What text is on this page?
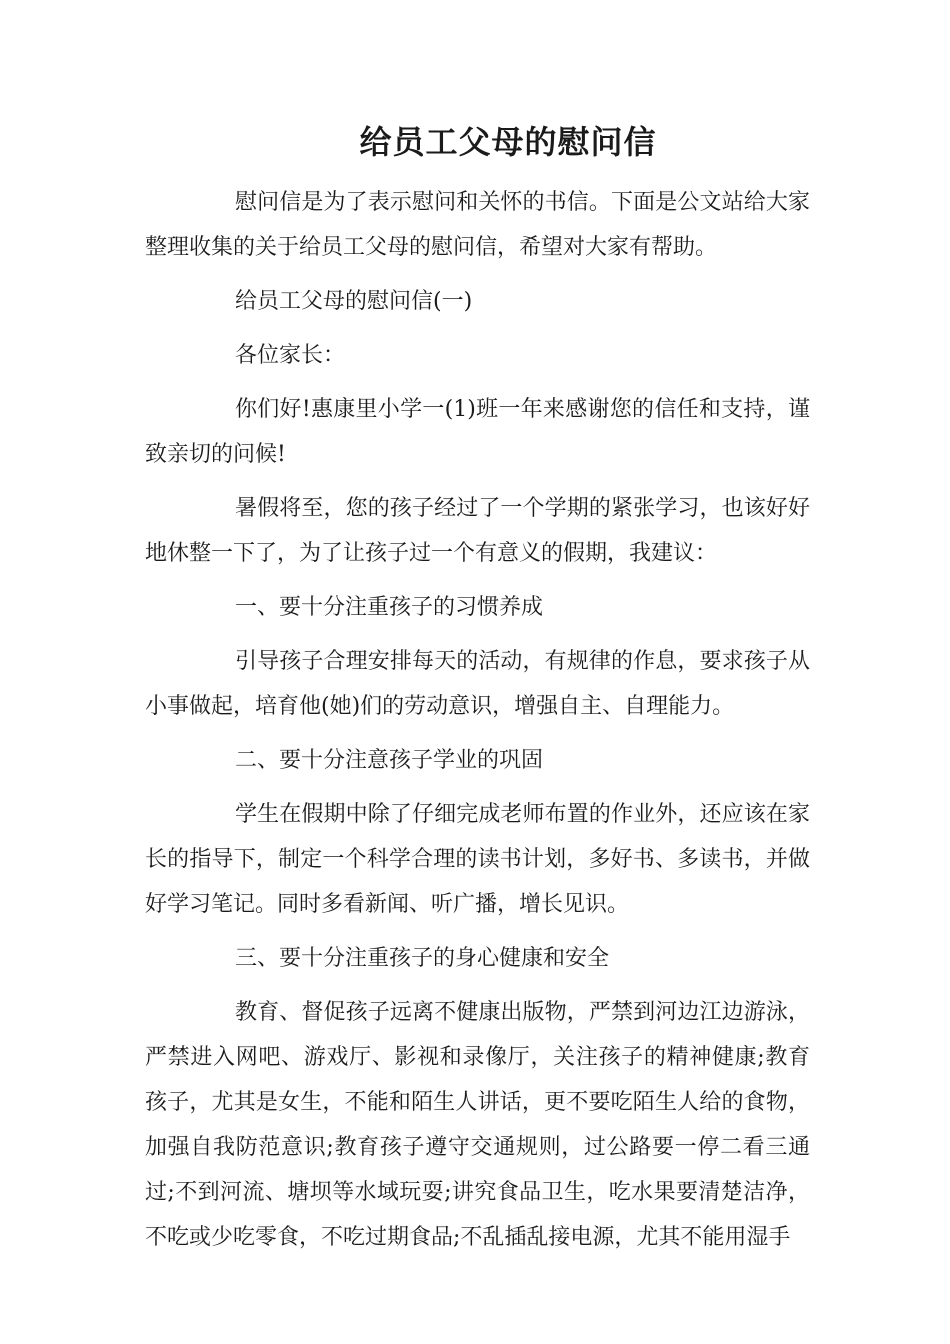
给员工父母的慰问信

慰问信是为了表示慰问和关怀的书信。下面是公文站给大家整理收集的关于给员工父母的慰问信，希望对大家有帮助。

给员工父母的慰问信(一)

各位家长：

你们好!惠康里小学一(1)班一年来感谢您的信任和支持，谨致亲切的问候!

暑假将至，您的孩子经过了一个学期的紧张学习，也该好好地休整一下了，为了让孩子过一个有意义的假期，我建议：

一、要十分注重孩子的习惯养成

引导孩子合理安排每天的活动，有规律的作息，要求孩子从小事做起，培育他(她)们的劳动意识，增强自主、自理能力。

二、要十分注意孩子学业的巩固

学生在假期中除了仔细完成老师布置的作业外，还应该在家长的指导下，制定一个科学合理的读书计划，多好书、多读书，并做好学习笔记。同时多看新闻、听广播，增长见识。

三、要十分注重孩子的身心健康和安全

教育、督促孩子远离不健康出版物，严禁到河边江边游泳，严禁进入网吧、游戏厅、影视和录像厅，关注孩子的精神健康;教育孩子，尤其是女生，不能和陌生人讲话，更不要吃陌生人给的食物，加强自我防范意识;教育孩子遵守交通规则，过公路要一停二看三通过;不到河流、塘坝等水域玩耍;讲究食品卫生，吃水果要清楚洁净，不吃或少吃零食，不吃过期食品;不乱插乱接电源，尤其不能用湿手
